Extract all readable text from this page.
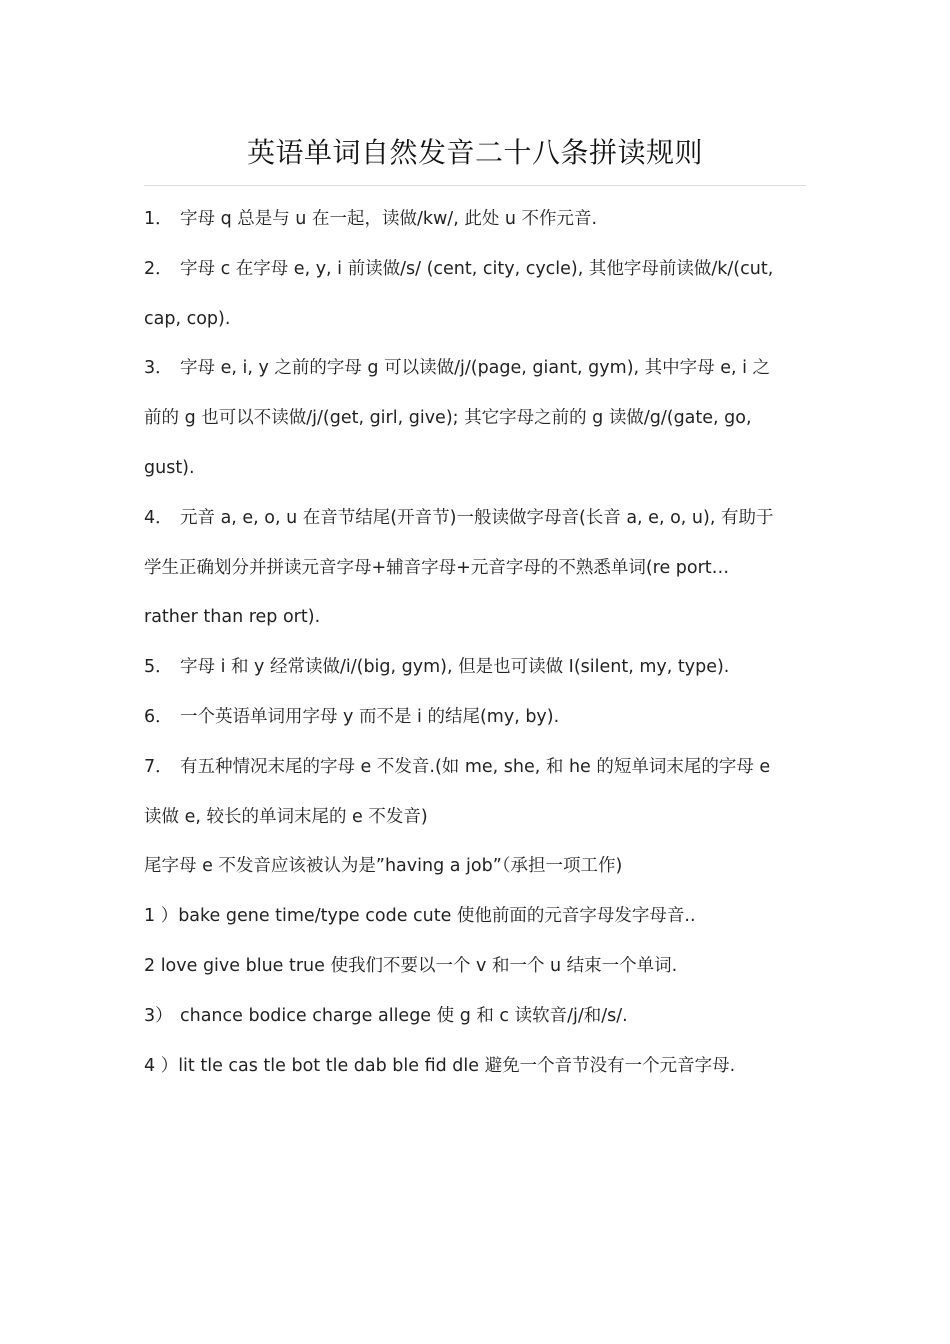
英语单词自然发音二十八条拼读规则
1． 字母 q 总是与 u 在一起，读做/kw/, 此处 u 不作元音.
2． 字母 c 在字母 e, y, i 前读做/s/ (cent, city, cycle), 其他字母前读做/k/(cut,
cap, cop).
3． 字母 e, i, y 之前的字母 g 可以读做/j/(page, giant, gym), 其中字母 e, i 之
前的 g 也可以不读做/j/(get, girl, give); 其它字母之前的 g 读做/g/(gate, go,
gust).
4． 元音 a, e, o, u 在音节结尾(开音节)一般读做字母音(长音 a, e, o, u), 有助于
学生正确划分并拼读元音字母+辅音字母+元音字母的不熟悉单词(re port…
rather than rep ort).
5． 字母 i 和 y 经常读做/i/(big, gym), 但是也可读做 I(silent, my, type).
6． 一个英语单词用字母 y 而不是 i 的结尾(my, by).
7． 有五种情况末尾的字母 e 不发音.(如 me, she, 和 he 的短单词末尾的字母 e
读做 e, 较长的单词末尾的 e 不发音)
尾字母 e 不发音应该被认为是”having a job”（承担一项工作)
1 ）bake gene time/type code cute 使他前面的元音字母发字母音..
2 love give blue true 使我们不要以一个 v 和一个 u 结束一个单词.
3） chance bodice charge allege 使 g 和 c 读软音/j/和/s/.
4 ）lit tle cas tle bot tle dab ble fid dle 避免一个音节没有一个元音字母.
